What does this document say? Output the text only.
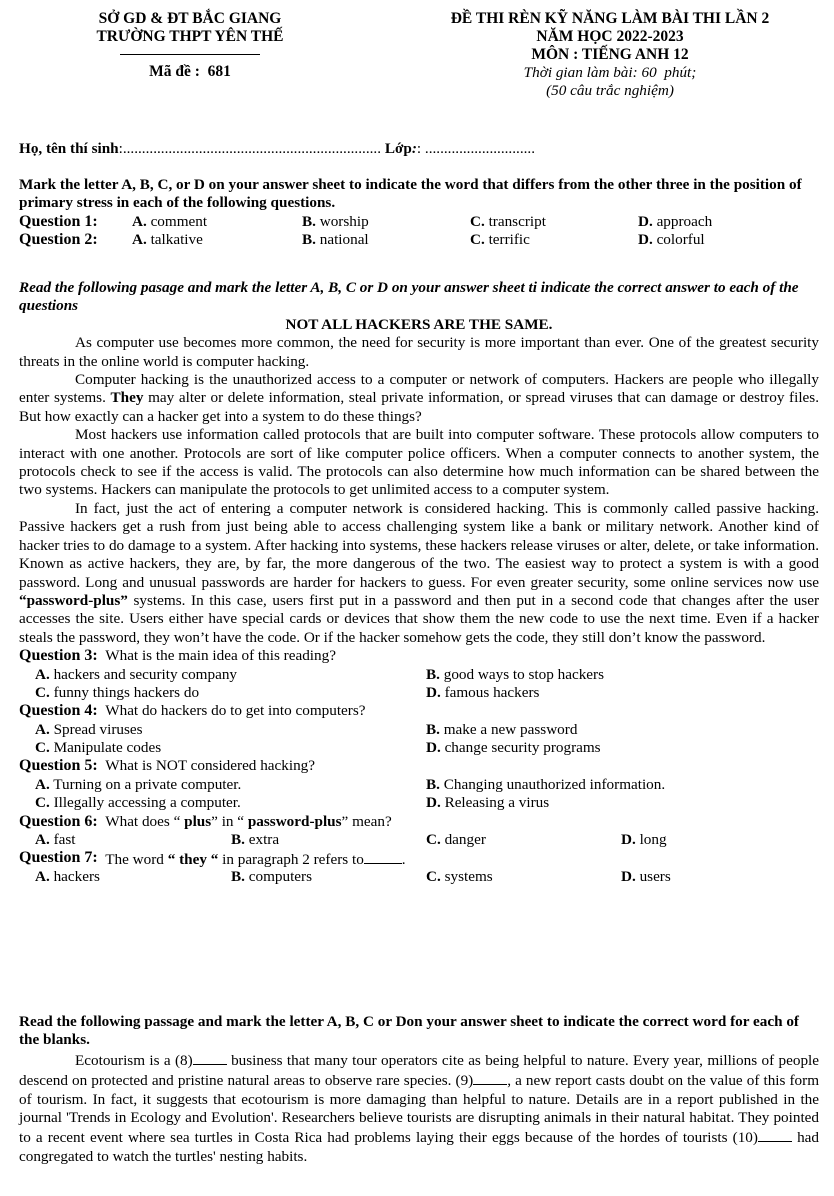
SỞ GD & ĐT BẮC GIANG
TRƯỜNG THPT YÊN THẾ
Mã đề : 681
ĐỀ THI RÈN KỸ NĂNG LÀM BÀI THI LẦN 2
NĂM HỌC 2022-2023
MÔN : TIẾNG ANH 12
Thời gian làm bài: 60  phút;
(50 câu trắc nghiệm)
Họ, tên thí sinh:.................................................................... Lớp:: .............................

Mark the letter A, B, C, or D on your answer sheet to indicate the word that differs from the other three in the position of primary stress in each of the following questions.

Question 1:	A. comment	B. worship	C. transcript	D. approach
Question 2:	A. talkative	B. national	C. terrific	D. colorful

Read the following pasage and mark the letter A, B, C or D on your answer sheet ti indicate the correct answer to each of the questions

NOT ALL HACKERS ARE THE SAME.

As computer use becomes more common, the need for security is more important than ever. One of the greatest security threats in the online world is computer hacking.

Computer hacking is the unauthorized access to a computer or network of computers. Hackers are people who illegally enter systems. They may alter or delete information, steal private information, or spread viruses that can damage or destroy files. But how exactly can a hacker get into a system to do these things?

Most hackers use information called protocols that are built into computer software. These protocols allow computers to interact with one another. Protocols are sort of like computer police officers. When a computer connects to another system, the protocols check to see if the access is valid. The protocols can also determine how much information can be shared between the two systems. Hackers can manipulate the protocols to get unlimited access to a computer system.

In fact, just the act of entering a computer network is considered hacking. This is commonly called passive hacking. Passive hackers get a rush from just being able to access challenging system like a bank or military network. Another kind of hacker tries to do damage to a system. After hacking into systems, these hackers release viruses or alter, delete, or take information. Known as active hackers, they are, by far, the more dangerous of the two. The easiest way to protect a system is with a good password. Long and unusual passwords are harder for hackers to guess. For even greater security, some online services now use “password-plus” systems. In this case, users first put in a password and then put in a second code that changes after the user accesses the site. Users either have special cards or devices that show them the new code to use the next time. Even if a hacker steals the password, they won’t have the code. Or if the hacker somehow gets the code, they still don’t know the password.

Question 3:
What is the main idea of this reading?
A. hackers and security company	B. good ways to stop hackers
C. funny things hackers do	D. famous hackers
Question 4:
What do hackers do to get into computers?
A. Spread viruses	B. make a new password
C. Manipulate codes	D. change security programs
Question 5:
What is NOT considered hacking?
A. Turning on a private computer.	B. Changing unauthorized information.
C. Illegally accessing a computer.	D. Releasing a virus
Question 6:
What does “ plus” in “ password-plus” mean?
A. fast	B. extra	C. danger	D. long
Question 7:
The word “ they “ in paragraph 2 refers to	.
A. hackers	B. computers	C. systems	D. users

Read the following passage and mark the letter A, B, C or Don your answer sheet to indicate the correct word for each of the blanks.

Ecotourism is a (8) business that many tour operators cite as being helpful to nature. Every year, millions of people descend on protected and pristine natural areas to observe rare species. (9) , a new report casts doubt on the value of this form of tourism. In fact, it suggests that ecotourism is more damaging than helpful to nature. Details are in a report published in the journal 'Trends in Ecology and Evolution'. Researchers believe tourists are disrupting animals in their natural habitat. They pointed to a recent event where sea turtles in Costa Rica had problems laying their eggs because of the hordes of tourists (10) had congregated to watch the turtles' nesting habits.
